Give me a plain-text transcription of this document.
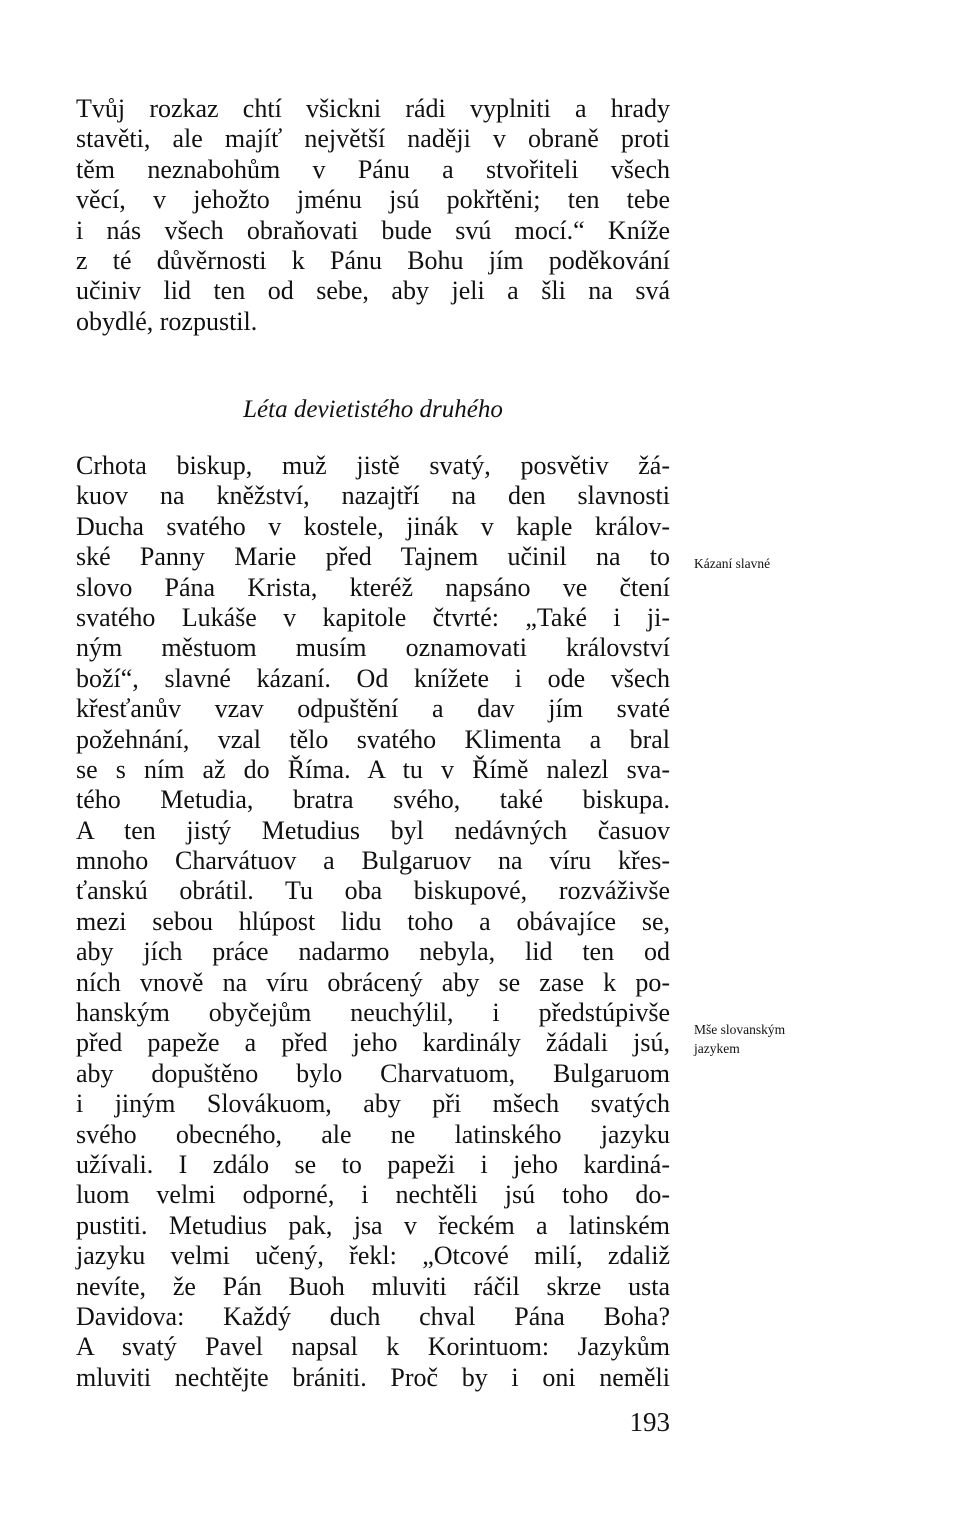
Tvůj rozkaz chtí všickni rádi vyplniti a hrady
stavěti, ale majíť největší naději v obraně proti
těm neznabohům v Pánu a stvořiteli všech
věcí, v jehožto jménu jsú pokřtěni; ten tebe
i nás všech obraňovati bude svú mocí.“ Kníže
z té důvěrnosti k Pánu Bohu jím poděkování
učiniv lid ten od sebe, aby jeli a šli na svá
obydlé, rozpustil.
Léta devietistého druhého
Crhota biskup, muž jistě svatý, posvětiv žá-
kuov na kněžství, nazajtří na den slavnosti
Ducha svatého v kostele, jinák v kaple králov-
ské Panny Marie před Tajnem učinil na to
slovo Pána Krista, kteréž napsáno ve čtení
svatého Lukáše v kapitole čtvrté: „Také i ji-
ným městuom musím oznamovati království
boží“, slavné kázaní. Od knížete i ode všech
křesťanův vzav odpuštění a dav jím svaté
požehnání, vzal tělo svatého Klimenta a bral
se s ním až do Říma. A tu v Římě nalezl sva-
tého Metudia, bratra svého, také biskupa.
A ten jistý Metudius byl nedávných časuov
mnoho Charvátuov a Bulgaruov na víru křes-
ťanskú obrátil. Tu oba biskupové, rozváživše
mezi sebou hlúpost lidu toho a obávajíce se,
aby jích práce nadarmo nebyla, lid ten od
ních vnově na víru obrácený aby se zase k po-
hanským obyčejům neuchýlil, i předstúpivše
před papeže a před jeho kardinály žádali jsú,
aby dopuštěno bylo Charvatuom, Bulgaruom
i jiným Slovákuom, aby při mšech svatých
svého obecného, ale ne latinského jazyku
užívali. I zdálo se to papeži i jeho kardiná-
luom velmi odporné, i nechtěli jsú toho do-
pustiti. Metudius pak, jsa v řeckém a latinském
jazyku velmi učený, řekl: „Otcové milí, zdaliž
nevíte, že Pán Buoh mluviti ráčil skrze usta
Davidova: Každý duch chval Pána Boha?
A svatý Pavel napsal k Korintuom: Jazykům
mluviti nechtějte brániti. Proč by i oni neměli
Kázaní slavné
Mše slovanským
jazykem
193
